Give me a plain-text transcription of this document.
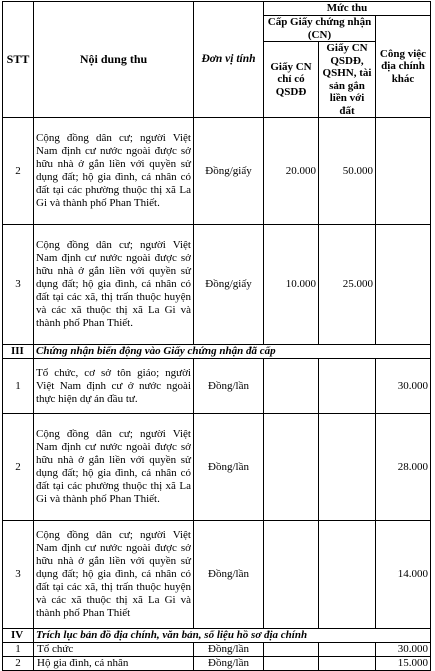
STT	Nội dung thu	Đơn vị tính	Mức thu		
			Cấp Giấy chứng nhận (CN)		Công việc địa chính khác
			Giấy CN chỉ có QSDĐ	Giấy CN QSDĐ, QSHN, tài sản gắn liền với đất	
2	Cộng đồng dân cư; người Việt Nam định cư nước ngoài được sở hữu nhà ở gắn liền với quyền sử dụng đất; hộ gia đình, cá nhân có đất tại các phường thuộc thị xã La Gi và thành phố Phan Thiết.	Đồng/giấy	20.000	50.000	
3	Cộng đồng dân cư; người Việt Nam định cư nước ngoài được sở hữu nhà ở gắn liền với quyền sử dụng đất; hộ gia đình, cá nhân có đất tại các xã, thị trấn thuộc huyện và các xã thuộc thị xã La Gi và thành phố Phan Thiết.	Đồng/giấy	10.000	25.000	
III	Chứng nhận biến động vào Giấy chứng nhận đã cấp				
1	Tổ chức, cơ sở tôn giáo; người Việt Nam định cư ở nước ngoài thực hiện dự án đầu tư.	Đồng/lần			30.000
2	Cộng đồng dân cư; người Việt Nam định cư nước ngoài được sở hữu nhà ở gắn liền với quyền sử dụng đất; hộ gia đình, cá nhân có đất tại các phường thuộc thị xã La Gi và thành phố Phan Thiết.	Đồng/lần			28.000
3	Cộng đồng dân cư; người Việt Nam định cư nước ngoài được sở hữu nhà ở gắn liền với quyền sử dụng đất; hộ gia đình, cá nhân có đất tại các xã, thị trấn thuộc huyện và các xã thuộc thị xã La Gi và thành phố Phan Thiết	Đồng/lần			14.000
IV	Trích lục bản đồ địa chính, văn bản, số liệu hồ sơ địa chính				
1	Tổ chức	Đồng/lần			30.000
2	Hộ gia đình, cá nhân	Đồng/lần			15.000
